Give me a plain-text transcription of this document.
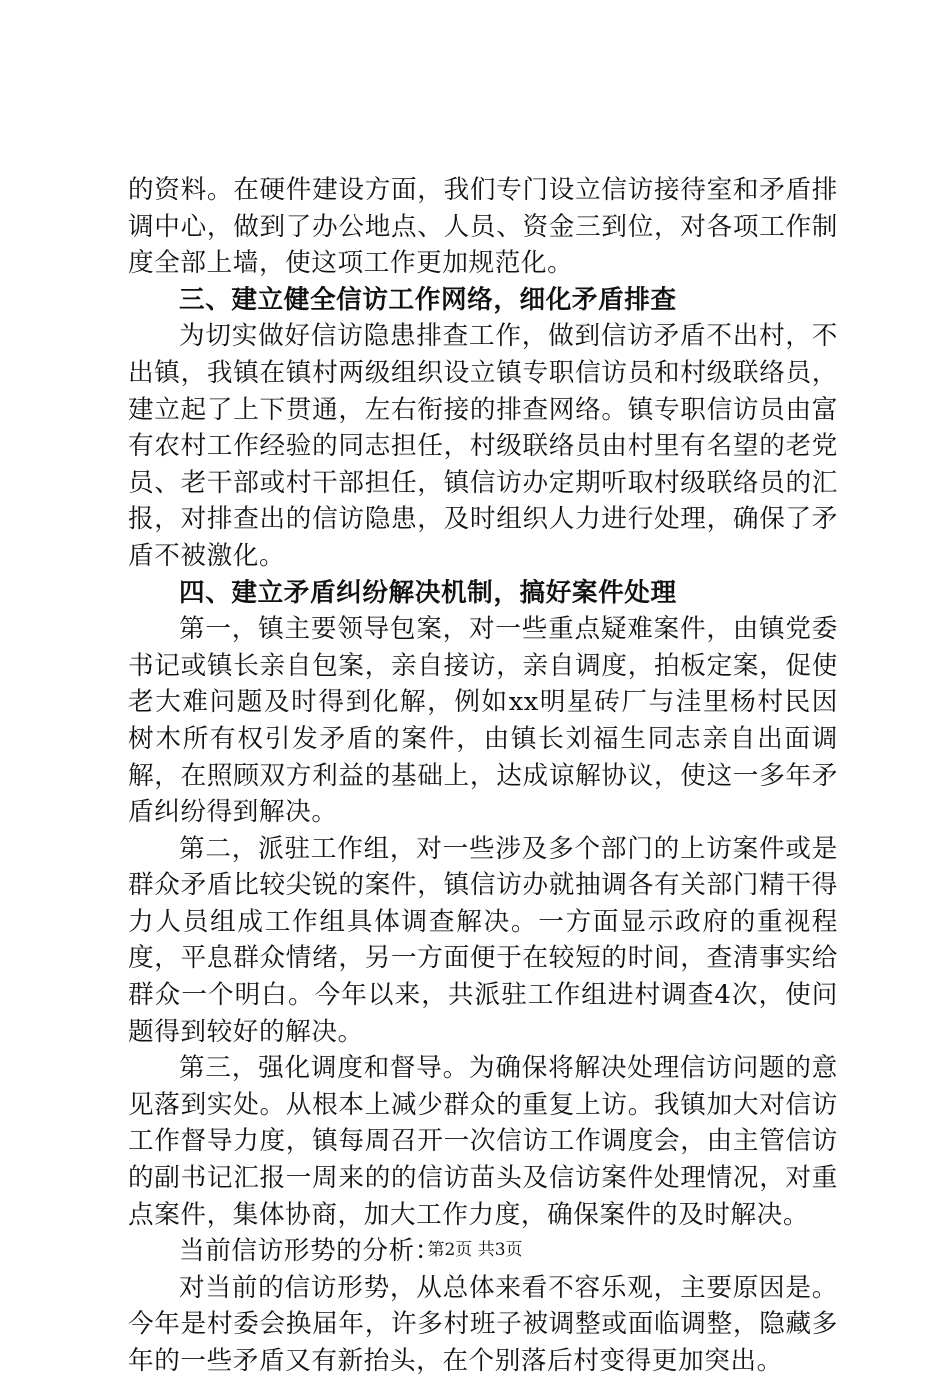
的资料。在硬件建设方面，我们专门设立信访接待室和矛盾排调中心，做到了办公地点、人员、资金三到位，对各项工作制度全部上墙，使这项工作更加规范化。

三、建立健全信访工作网络，细化矛盾排查

为切实做好信访隐患排查工作，做到信访矛盾不出村，不出镇，我镇在镇村两级组织设立镇专职信访员和村级联络员，建立起了上下贯通，左右衔接的排查网络。镇专职信访员由富有农村工作经验的同志担任，村级联络员由村里有名望的老党员、老干部或村干部担任，镇信访办定期听取村级联络员的汇报，对排查出的信访隐患，及时组织人力进行处理，确保了矛盾不被激化。

四、建立矛盾纠纷解决机制，搞好案件处理

第一，镇主要领导包案，对一些重点疑难案件，由镇党委书记或镇长亲自包案，亲自接访，亲自调度，拍板定案，促使老大难问题及时得到化解，例如xx明星砖厂与洼里杨村民因树木所有权引发矛盾的案件，由镇长刘福生同志亲自出面调解，在照顾双方利益的基础上，达成谅解协议，使这一多年矛盾纠纷得到解决。

第二，派驻工作组，对一些涉及多个部门的上访案件或是群众矛盾比较尖锐的案件，镇信访办就抽调各有关部门精干得力人员组成工作组具体调查解决。一方面显示政府的重视程度，平息群众情绪，另一方面便于在较短的时间，查清事实给群众一个明白。今年以来，共派驻工作组进村调查4次，使问题得到较好的解决。

第三，强化调度和督导。为确保将解决处理信访问题的意见落到实处。从根本上减少群众的重复上访。我镇加大对信访工作督导力度，镇每周召开一次信访工作调度会，由主管信访的副书记汇报一周来的的信访苗头及信访案件处理情况，对重点案件，集体协商，加大工作力度，确保案件的及时解决。

当前信访形势的分析：

对当前的信访形势，从总体来看不容乐观，主要原因是。今年是村委会换届年，许多村班子被调整或面临调整，隐藏多年的一些矛盾又有新抬头，在个别落后村变得更加突出。

第2页 共3页
